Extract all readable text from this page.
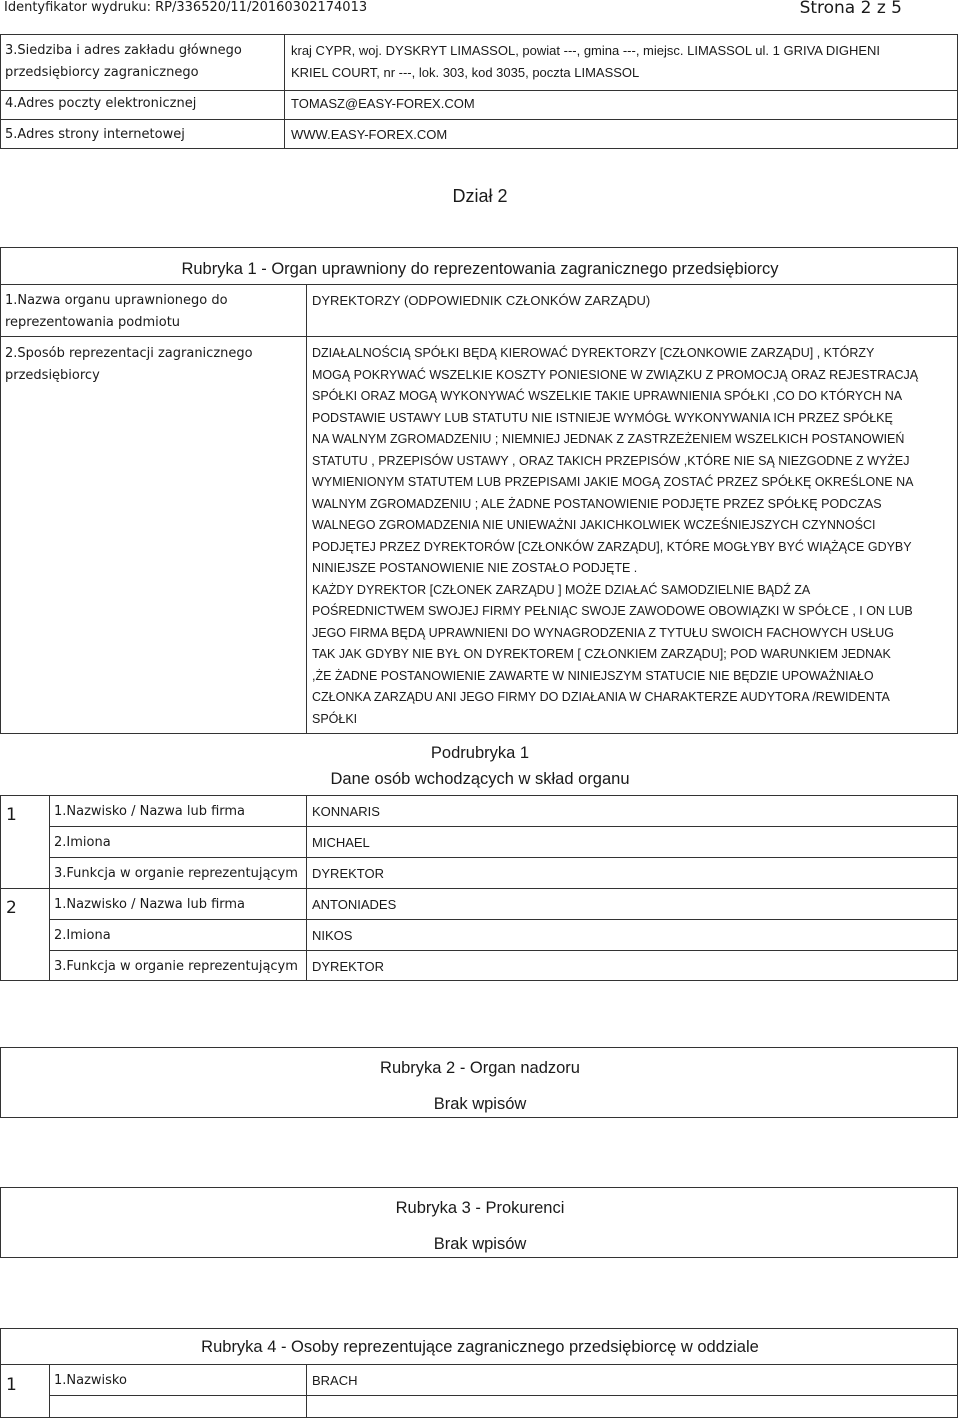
Identyfikator wydruku: RP/336520/11/20160302174013	Strona 2 z 5
3.Siedziba i adres zakładu głównego przedsiębiorcy zagranicznego
kraj CYPR, woj. DYSKRYT LIMASSOL, powiat ---, gmina ---, miejsc. LIMASSOL ul. 1 GRIVA DIGHENI
KRIEL COURT, nr ---, lok. 303, kod 3035, poczta LIMASSOL
4.Adres poczty elektronicznej	TOMASZ@EASY-FOREX.COM
5.Adres strony internetowej	WWW.EASY-FOREX.COM
Dział 2
Rubryka 1 - Organ uprawniony do reprezentowania zagranicznego przedsiębiorcy
1.Nazwa organu uprawnionego do
reprezentowania podmiotu
DYREKTORZY (ODPOWIEDNIK CZŁONKÓW ZARZĄDU)
2.Sposób reprezentacji zagranicznego
przedsiębiorcy
DZIAŁALNOŚCIĄ SPÓŁKI BĘDĄ KIEROWAĆ DYREKTORZY [CZŁONKOWIE ZARZĄDU] , KTÓRZY
MOGĄ POKRYWAĆ WSZELKIE KOSZTY PONIESIONE W ZWIĄZKU Z PROMOCJĄ ORAZ REJESTRACJĄ
SPÓŁKI ORAZ MOGĄ WYKONYWAĆ WSZELKIE TAKIE UPRAWNIENIA SPÓŁKI ,CO DO KTÓRYCH NA
PODSTAWIE USTAWY LUB STATUTU NIE ISTNIEJE WYMÓGŁ WYKONYWANIA ICH PRZEZ SPÓŁKĘ
NA WALNYM ZGROMADZENIU ; NIEMNIEJ JEDNAK Z ZASTRZEŻENIEM WSZELKICH POSTANOWIEŃ
STATUTU , PRZEPISÓW USTAWY , ORAZ TAKICH PRZEPISÓW ,KTÓRE NIE SĄ NIEZGODNE Z WYŻEJ
WYMIENIONYM STATUTEM LUB PRZEPISAMI JAKIE MOGĄ ZOSTAĆ PRZEZ SPÓŁKĘ OKREŚLONE NA
WALNYM ZGROMADZENIU ; ALE ŻADNE POSTANOWIENIE PODJĘTE PRZEZ SPÓŁKĘ PODCZAS
WALNEGO ZGROMADZENIA NIE UNIEWAŻNI JAKICHKOLWIEK WCZEŚNIEJSZYCH CZYNNOŚCI
PODJĘTEJ PRZEZ DYREKTORÓW [CZŁONKÓW ZARZĄDU], KTÓRE MOGŁYBY BYĆ WIĄŻĄCE GDYBY
NINIEJSZE POSTANOWIENIE NIE ZOSTAŁO PODJĘTE .
KAŻDY DYREKTOR [CZŁONEK ZARZĄDU ] MOŻE DZIAŁAĆ SAMODZIELNIE BĄDŹ ZA
POŚREDNICTWEM SWOJEJ FIRMY PEŁNIĄC SWOJE ZAWODOWE OBOWIĄZKI W SPÓŁCE , I ON LUB
JEGO FIRMA BĘDĄ UPRAWNIENI DO WYNAGRODZENIA Z TYTUŁU SWOICH FACHOWYCH USŁUG
TAK JAK GDYBY NIE BYŁ ON DYREKTOREM [ CZŁONKIEM ZARZĄDU]; POD WARUNKIEM JEDNAK
,ŻE ŻADNE POSTANOWIENIE ZAWARTE W NINIEJSZYM STATUCIE NIE BĘDZIE UPOWAŻNIAŁO
CZŁONKA ZARZĄDU ANI JEGO FIRMY DO DZIAŁANIA W CHARAKTERZE AUDYTORA /REWIDENTA
SPÓŁKI
Podrubryka 1
Dane osób wchodzących w skład organu
1	1.Nazwisko / Nazwa lub firma	KONNARIS
2.Imiona	MICHAEL
3.Funkcja w organie reprezentującym DYREKTOR
2	1.Nazwisko / Nazwa lub firma	ANTONIADES
2.Imiona	NIKOS
3.Funkcja w organie reprezentującym DYREKTOR
Rubryka 2 - Organ nadzoru
Brak wpisów
Rubryka 3 - Prokurenci
Brak wpisów
Rubryka 4 - Osoby reprezentujące zagranicznego przedsiębiorcę w oddziale
1	1.Nazwisko	BRACH
